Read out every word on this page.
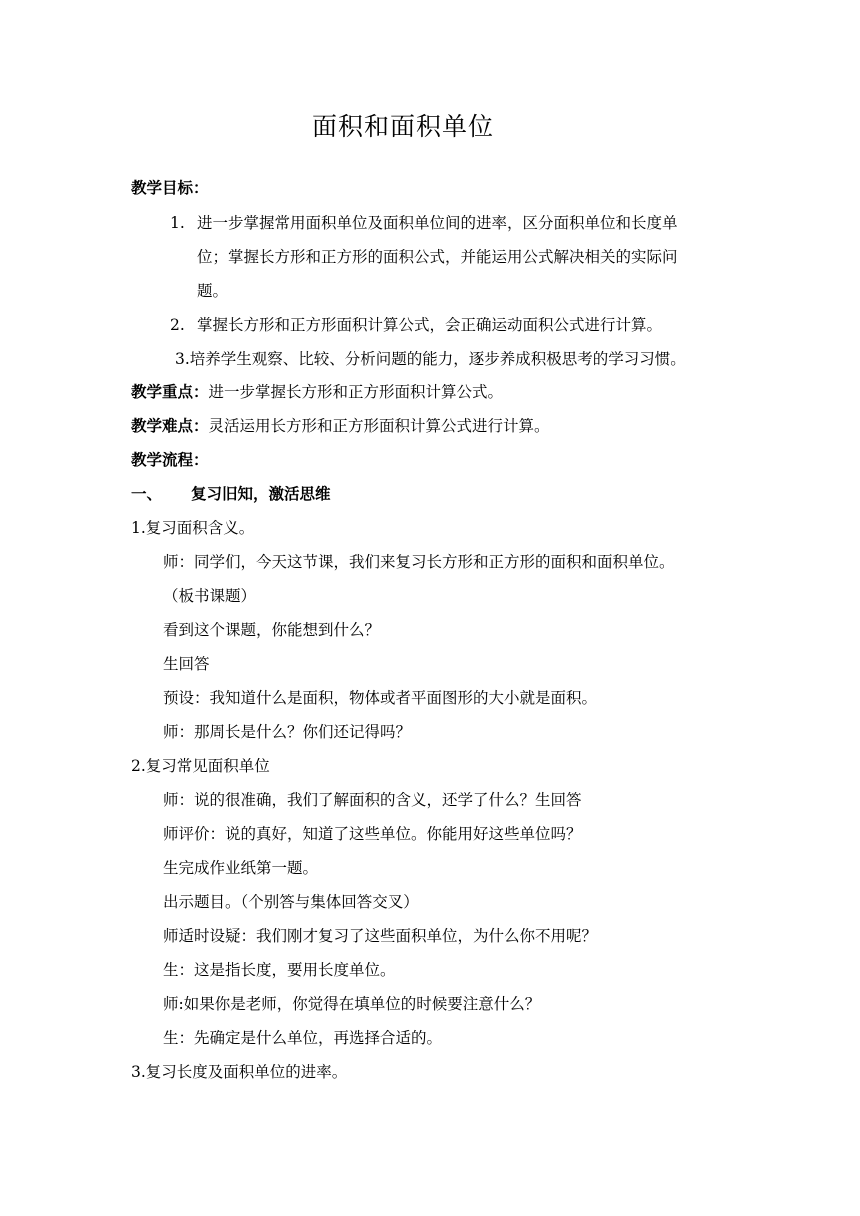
面积和面积单位
教学目标：
1. 进一步掌握常用面积单位及面积单位间的进率，区分面积单位和长度单
位；掌握长方形和正方形的面积公式，并能运用公式解决相关的实际问
题。
2. 掌握长方形和正方形面积计算公式，会正确运动面积公式进行计算。
3.培养学生观察、比较、分析问题的能力，逐步养成积极思考的学习习惯。
教学重点：进一步掌握长方形和正方形面积计算公式。
教学难点：灵活运用长方形和正方形面积计算公式进行计算。
教学流程：
一、 复习旧知，激活思维
1.复习面积含义。
师：同学们，今天这节课，我们来复习长方形和正方形的面积和面积单位。
（板书课题）
看到这个课题，你能想到什么？
生回答
预设：我知道什么是面积，物体或者平面图形的大小就是面积。
师：那周长是什么？你们还记得吗？
2.复习常见面积单位
师：说的很准确，我们了解面积的含义，还学了什么？生回答
师评价：说的真好，知道了这些单位。你能用好这些单位吗？
生完成作业纸第一题。
出示题目。（个别答与集体回答交叉）
师适时设疑：我们刚才复习了这些面积单位，为什么你不用呢？
生：这是指长度，要用长度单位。
师:如果你是老师，你觉得在填单位的时候要注意什么？
生：先确定是什么单位，再选择合适的。
3.复习长度及面积单位的进率。
